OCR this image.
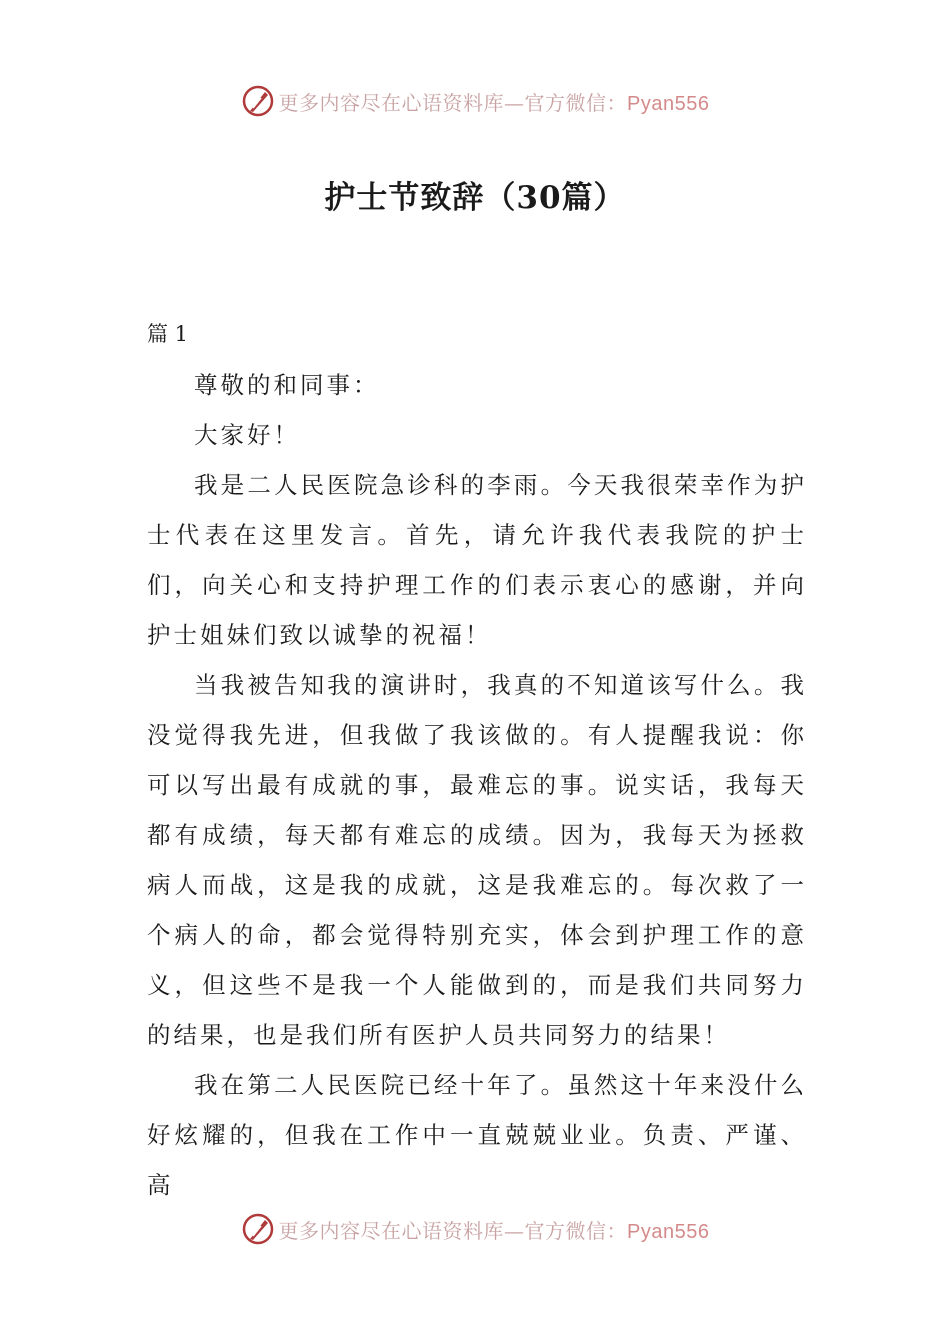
更多内容尽在心语资料库—官方微信：Pyan556
护士节致辞（30篇）
篇 1

尊敬的和同事：

大家好！

我是二人民医院急诊科的李雨。今天我很荣幸作为护士代表在这里发言。首先，请允许我代表我院的护士们，向关心和支持护理工作的们表示衷心的感谢，并向护士姐妹们致以诚挚的祝福！

当我被告知我的演讲时，我真的不知道该写什么。我没觉得我先进，但我做了我该做的。有人提醒我说：你可以写出最有成就的事，最难忘的事。说实话，我每天都有成绩，每天都有难忘的成绩。因为，我每天为拯救病人而战，这是我的成就，这是我难忘的。每次救了一个病人的命，都会觉得特别充实，体会到护理工作的意义，但这些不是我一个人能做到的，而是我们共同努力的结果，也是我们所有医护人员共同努力的结果！

我在第二人民医院已经十年了。虽然这十年来没什么好炫耀的，但我在工作中一直兢兢业业。负责、严谨、高

更多内容尽在心语资料库—官方微信：Pyan556
